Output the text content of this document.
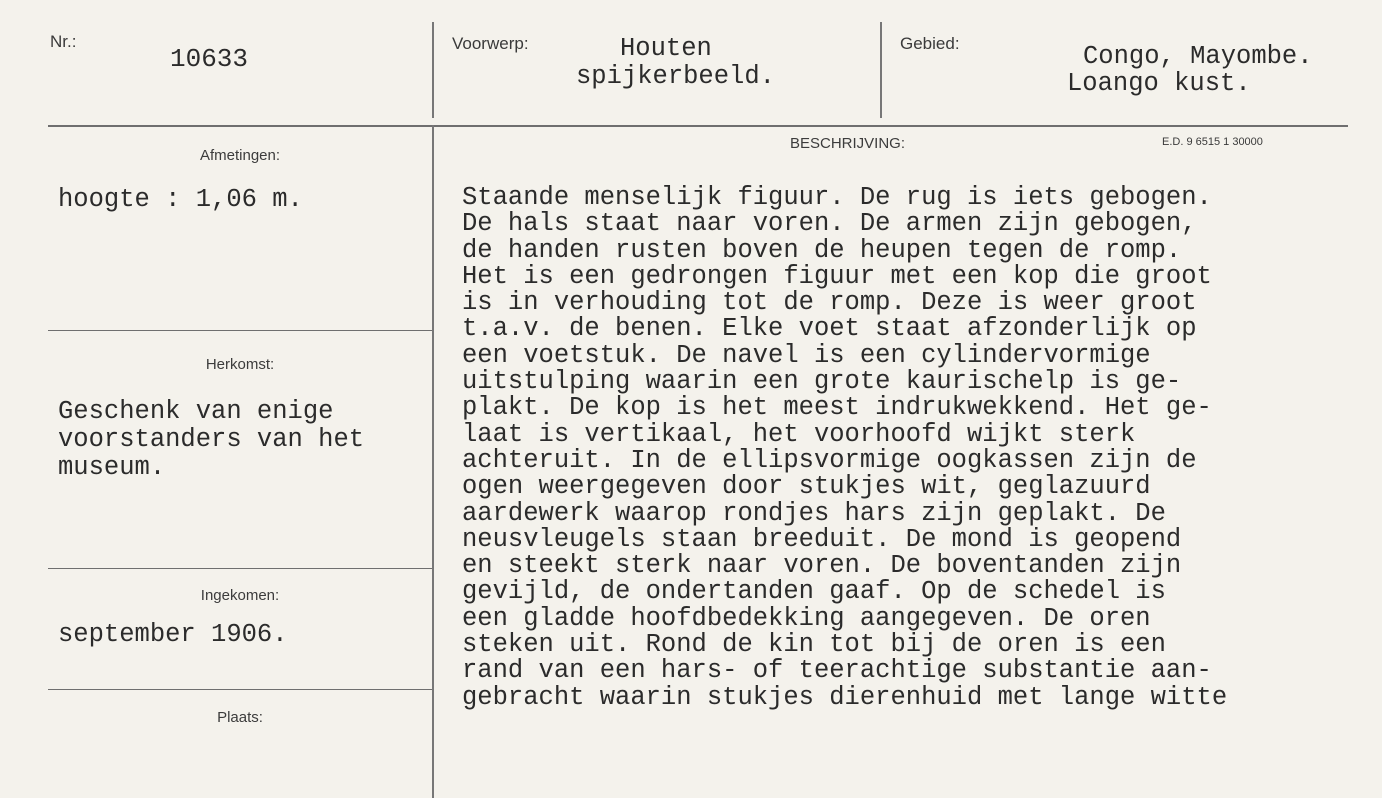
Nr.:
10633
Voorwerp:	Houten
spijkerbeeld.
Gebied:	Congo, Mayombe.
Loango kust.
Afmetingen:
hoogte : 1,06 m.
Herkomst:
Geschenk van enige
voorstanders van het
museum.
Ingekomen:
september 1906.
Plaats:
BESCHRIJVING:	E.D. 9 6515 1 30000
Staande menselijk figuur. De rug is iets gebogen.
De hals staat naar voren. De armen zijn gebogen,
de handen rusten boven de heupen tegen de romp.
Het is een gedrongen figuur met een kop die groot
is in verhouding tot de romp. Deze is weer groot
t.a.v. de benen. Elke voet staat afzonderlijk op
een voetstuk. De navel is een cylindervormige
uitstulping waarin een grote kaurischelp is ge-
plakt. De kop is het meest indrukwekkend. Het ge-
laat is vertikaal, het voorhoofd wijkt sterk
achteruit. In de ellipsvormige oogkassen zijn de
ogen weergegeven door stukjes wit, geglazuurd
aardewerk waarop rondjes hars zijn geplakt. De
neusvleugels staan breeduit. De mond is geopend
en steekt sterk naar voren. De boventanden zijn
gevijld, de ondertanden gaaf. Op de schedel is
een gladde hoofdbedekking aangegeven. De oren
steken uit. Rond de kin tot bij de oren is een
rand van een hars- of teerachtige substantie aan-
gebracht waarin stukjes dierenhuid met lange witte
